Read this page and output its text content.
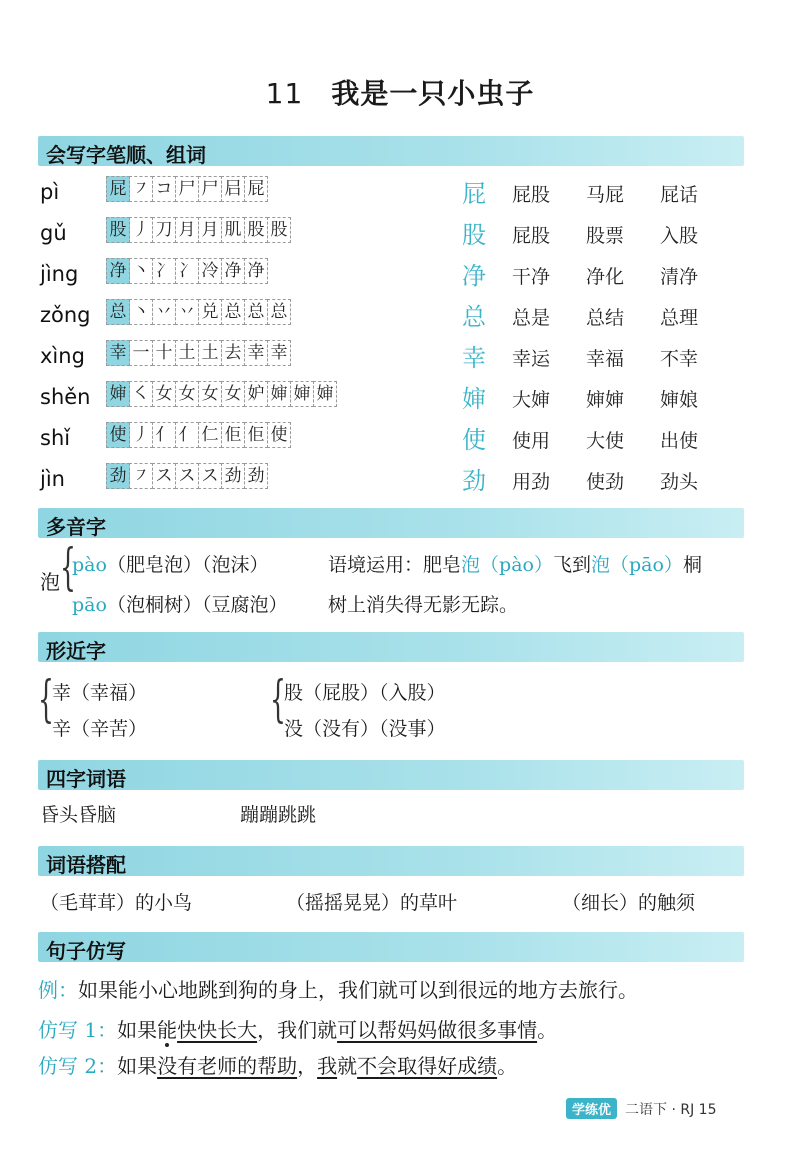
11 我是一只小虫子
会写字笔顺、组词
pì	屁 ㇇ コ 尸 尸 𡰪 屁	屁 屁股	马屁	屁话
gǔ	股 丿 刀 月 月 肌 股 股	股 屁股	股票	入股
jìng 净 丶 冫 冫 冷 净 净	净 干净	净化	清净
zǒng 总 丶 丷 丷 兑 总 总 总	总 总是	总结	总理
xìng 幸 一 十 土 土 去 幸 幸	幸 幸运	幸福	不幸
shěn 婶 ㇛ 女 女 女 女 妒 婶 婶 婶	婶 大婶	婶婶	婶娘
shǐ 使 丿 亻 亻 仁 佢 佢 使	使 使用	大使	出使
jìn	劲 ㇇ ス ス ス 劲 劲	劲 用劲	使劲	劲头
多音字
泡 {
pào（肥皂泡）（泡沫）	语境运用：肥皂泡（pào）飞到泡（pāo）桐
pāo（泡桐树）（豆腐泡） 树上消失得无影无踪。
形近字
{
幸（幸福）
辛（辛苦）
{
股（屁股）（入股）
没（没有）（没事）
四字词语
昏头昏脑	蹦蹦跳跳
词语搭配
（毛茸茸）的小鸟	（摇摇晃晃）的草叶	（细长）的触须
句子仿写
例：如果能小心地跳到狗的身上，我们就可以到很远的地方去旅行。
仿写 1：如果能快快长大，我们就可以帮妈妈做很多事情。
仿写 2：如果没有老师的帮助，我就不会取得好成绩。
学练优 二语下 · RJ 15
